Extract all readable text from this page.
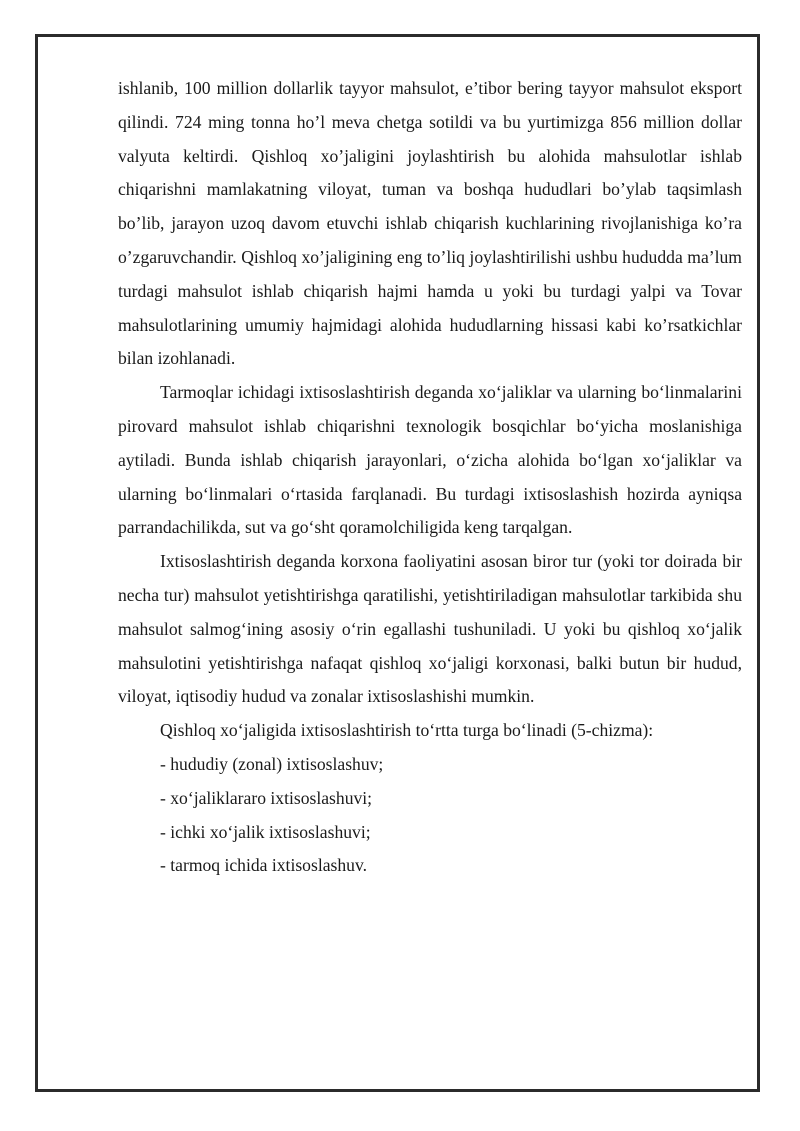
ishlanib, 100 million dollarlik tayyor mahsulot, e’tibor bering tayyor mahsulot eksport qilindi. 724 ming tonna ho’l meva chetga sotildi va bu yurtimizga 856 million dollar valyuta keltirdi. Qishloq xo’jaligini joylashtirish bu alohida mahsulotlar ishlab chiqarishni mamlakatning viloyat, tuman va boshqa hududlari bo’ylab taqsimlash bo’lib, jarayon uzoq davom etuvchi ishlab chiqarish kuchlarining rivojlanishiga ko’ra o’zgaruvchandir. Qishloq xo’jaligining eng to’liq joylashtirilishi ushbu hududda ma’lum turdagi mahsulot ishlab chiqarish hajmi hamda u yoki bu turdagi yalpi va Tovar mahsulotlarining umumiy hajmidagi alohida hududlarning hissasi kabi ko’rsatkichlar bilan izohlanadi.

Tarmoqlar ichidagi ixtisoslashtirish deganda xo‘jaliklar va ularning bo‘linmalarini pirovard mahsulot ishlab chiqarishni texnologik bosqichlar bo‘yicha moslanishiga aytiladi. Bunda ishlab chiqarish jarayonlari, o‘zicha alohida bo‘lgan xo‘jaliklar va ularning bo‘linmalari o‘rtasida farqlanadi. Bu turdagi ixtisoslashish hozirda ayniqsa parrandachilikda, sut va go‘sht qoramolchiligida keng tarqalgan.

Ixtisoslashtirish deganda korxona faoliyatini asosan biror tur (yoki tor doirada bir necha tur) mahsulot yetishtirishga qaratilishi, yetishtiriladigan mahsulotlar tarkibida shu mahsulot salmog‘ining asosiy o‘rin egallashi tushuniladi. U yoki bu qishloq xo‘jalik mahsulotini yetishtirishga nafaqat qishloq xo‘jaligi korxonasi, balki butun bir hudud, viloyat, iqtisodiy hudud va zonalar ixtisoslashishi mumkin.

Qishloq xo‘jaligida ixtisoslashtirish to‘rtta turga bo‘linadi (5-chizma):

- hududiy (zonal) ixtisoslashuv;

- xo‘jaliklararo ixtisoslashuvi;

- ichki xo‘jalik ixtisoslashuvi;

- tarmoq ichida ixtisoslashuv.
